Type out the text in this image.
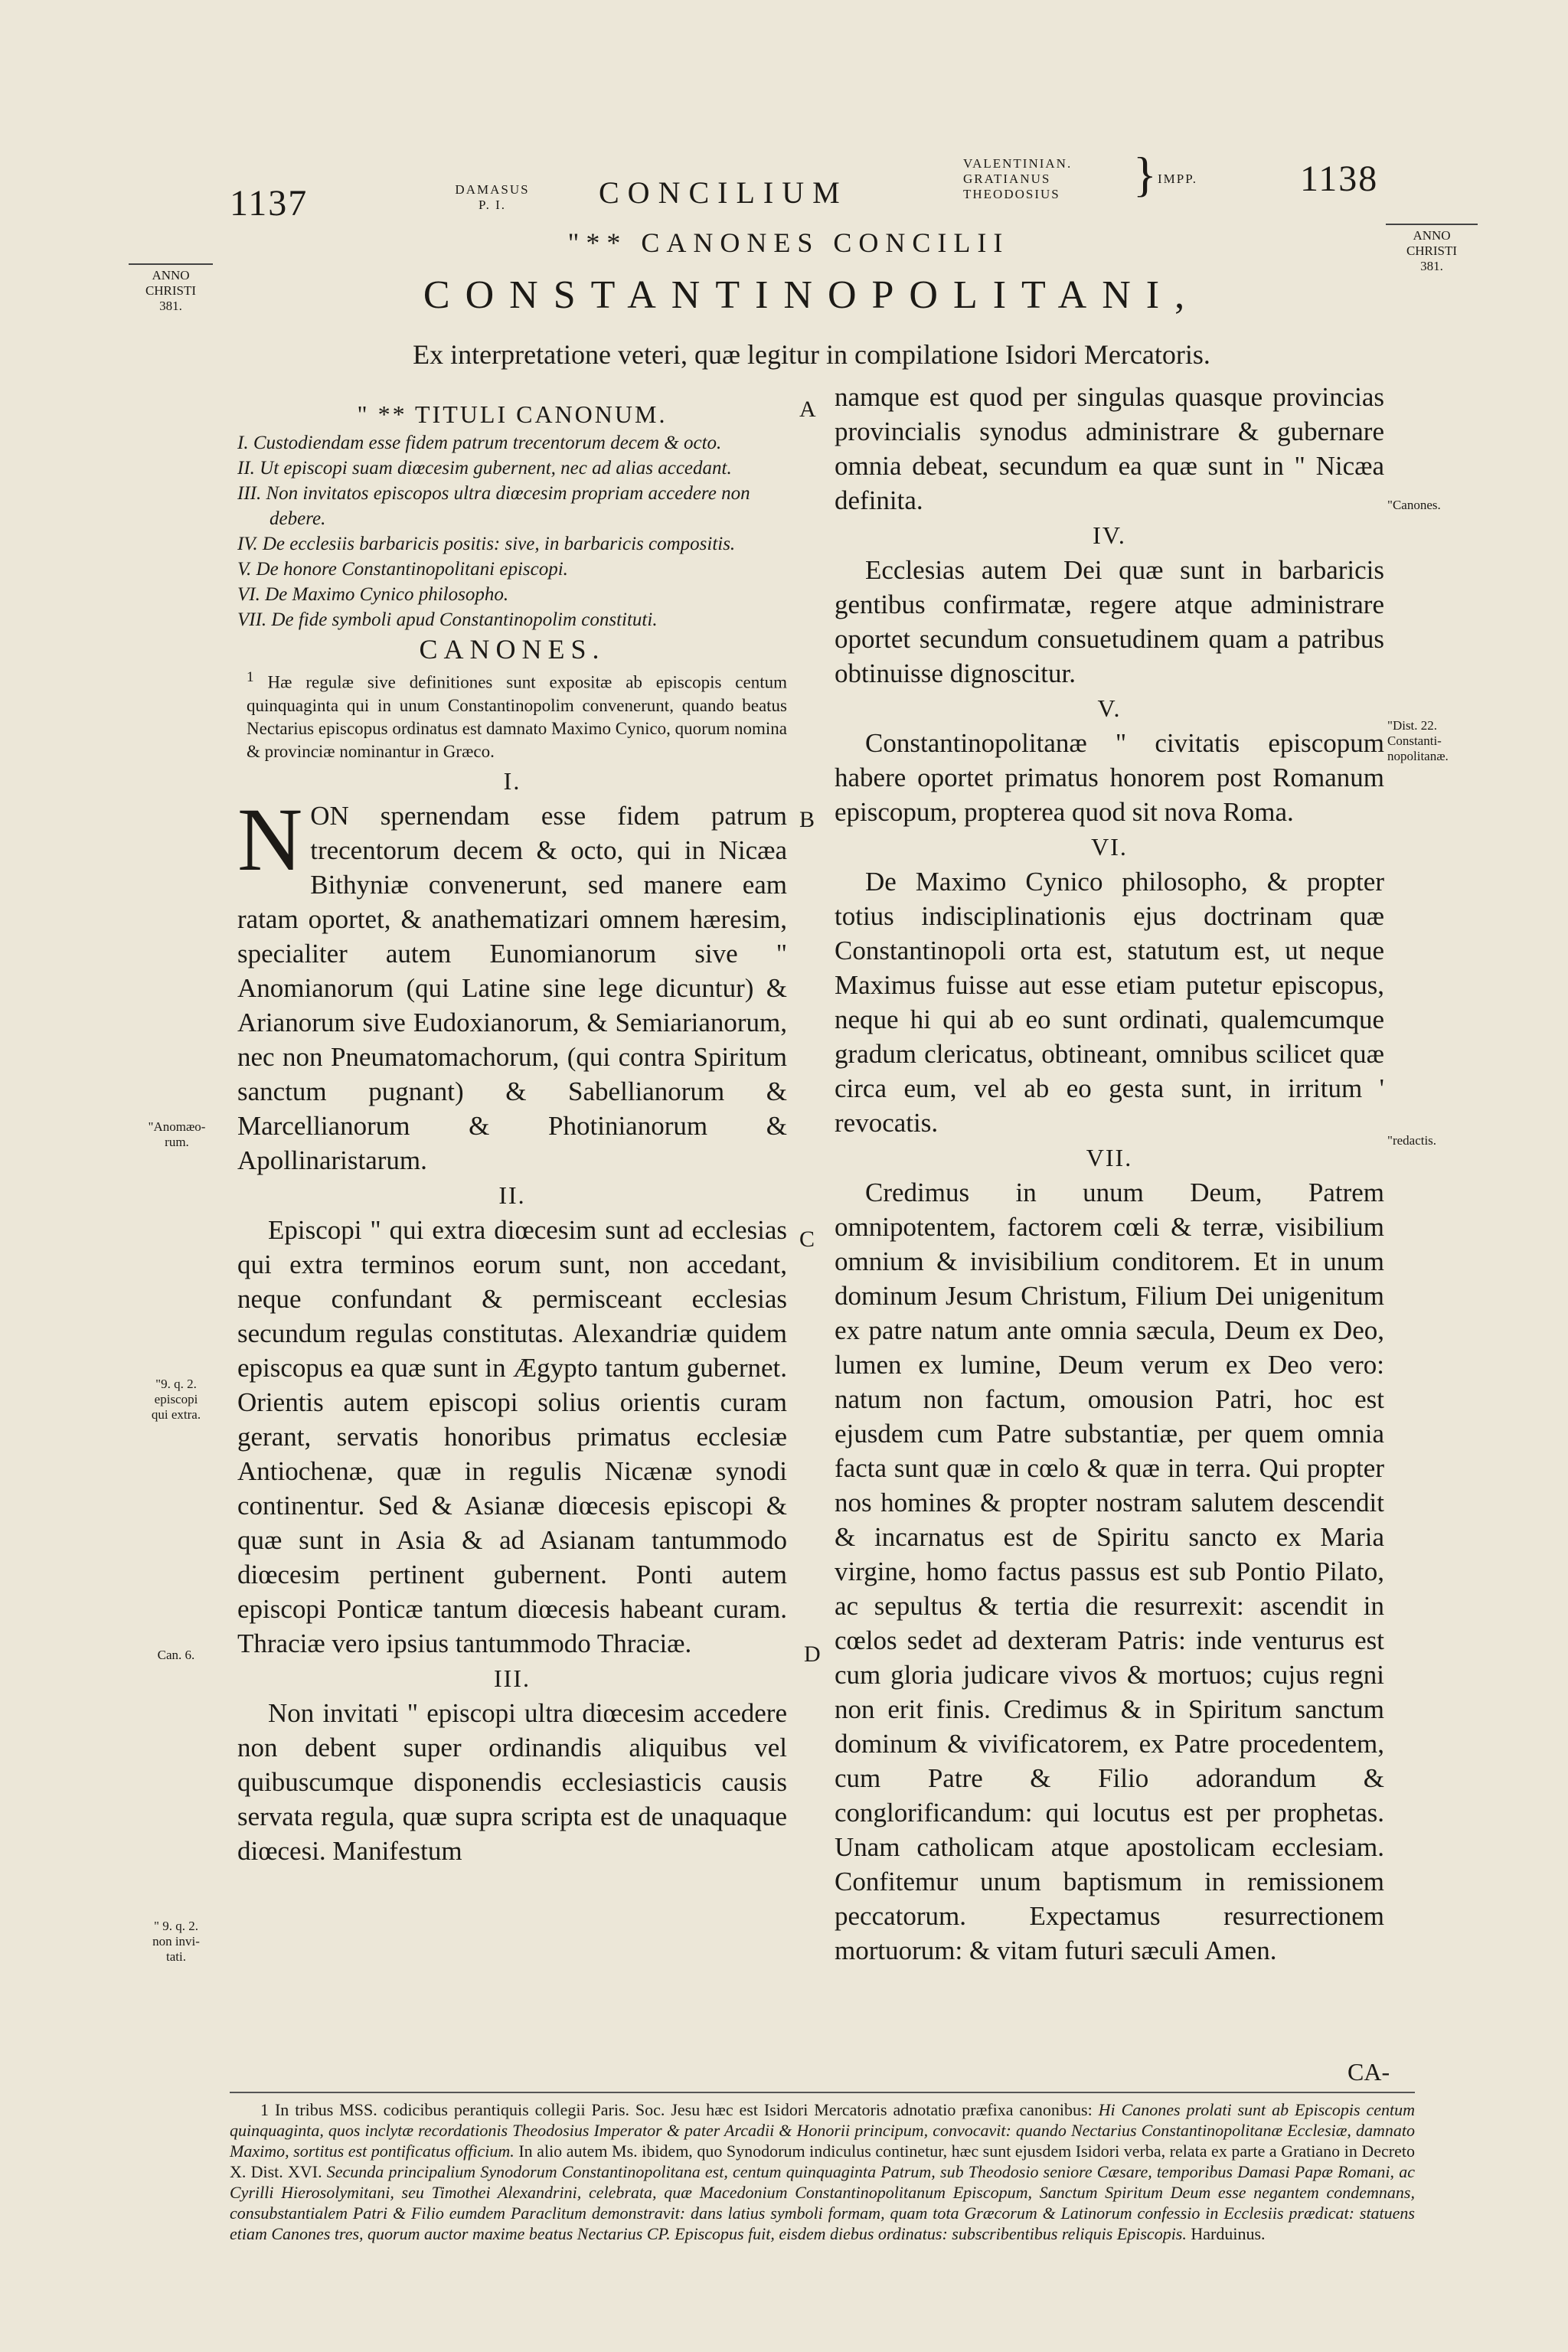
1137	DAMASUS
P. I.	CONCILIUM
VALENTINIAN.
GRATIANUS
THEODOSIUS } IMPP.	1138
ANNO
CHRISTI
381.
ANNO
CHRISTI
381.
"** CANONES CONCILII
CONSTANTINOPOLITANI,
Ex interpretatione veteri, quæ legitur in compilatione Isidori Mercatoris.
A
B
C
D
"Anomæo-
rum.
"9. q. 2.
episcopi
qui extra.
Can. 6.
" 9. q. 2.
non invi-
tati.
"Canones.
"Dist. 22.
Constanti-
nopolitanæ.
"redactis.

" ** TITULI CANONUM.

I. Custodiendam esse fidem patrum trecentorum decem & octo.

II. Ut episcopi suam diœcesim gubernent, nec ad alias accedant.

III. Non invitatos episcopos ultra diœcesim propriam accedere non debere.

IV. De ecclesiis barbaricis positis: sive, in barbaricis compositis.

V. De honore Constantinopolitani episcopi.

VI. De Maximo Cynico philosopho.

VII. De fide symboli apud Constantinopolim constituti.

CANONES.

$^1$ Hæ regulæ sive definitiones sunt expositæ ab episcopis centum quinquaginta qui in unum Constantinopolim convenerunt, quando beatus Nectarius episcopus ordinatus est damnato Maximo Cynico, quorum nomina & provinciæ nominantur in Græco.

I.

NON spernendam esse fidem patrum trecentorum decem & octo, qui in Nicæa Bithyniæ convenerunt, sed manere eam ratam oportet, & anathematizari omnem hæresim, specialiter autem Eunomianorum sive " Anomianorum (qui Latine sine lege dicuntur) & Arianorum sive Eudoxianorum, & Semiarianorum, nec non Pneumatomachorum, (qui contra Spiritum sanctum pugnant) & Sabellianorum & Marcellianorum & Photinianorum & Apollinaristarum.

II.

Episcopi " qui extra diœcesim sunt ad ecclesias qui extra terminos eorum sunt, non accedant, neque confundant & permisceant ecclesias secundum regulas constitutas. Alexandriæ quidem episcopus ea quæ sunt in Ægypto tantum gubernet. Orientis autem episcopi solius orientis curam gerant, servatis honoribus primatus ecclesiæ Antiochenæ, quæ in regulis Nicænæ synodi continentur. Sed & Asianæ diœcesis episcopi & quæ sunt in Asia & ad Asianam tantummodo diœcesim pertinent gubernent. Ponti autem episcopi Ponticæ tantum diœcesis habeant curam. Thraciæ vero ipsius tantummodo Thraciæ.

III.

Non invitati " episcopi ultra diœcesim accedere non debent super ordinandis aliquibus vel quibuscumque disponendis ecclesiasticis causis servata regula, quæ supra scripta est de unaquaque diœcesi. Manifestum

namque est quod per singulas quasque provincias provincialis synodus administrare & gubernare omnia debeat, secundum ea quæ sunt in " Nicæa definita.

IV.

Ecclesias autem Dei quæ sunt in barbaricis gentibus confirmatæ, regere atque administrare oportet secundum consuetudinem quam a patribus obtinuisse dignoscitur.

V.

Constantinopolitanæ " civitatis episcopum habere oportet primatus honorem post Romanum episcopum, propterea quod sit nova Roma.

VI.

De Maximo Cynico philosopho, & propter totius indisciplinationis ejus doctrinam quæ Constantinopoli orta est, statutum est, ut neque Maximus fuisse aut esse etiam putetur episcopus, neque hi qui ab eo sunt ordinati, qualemcumque gradum clericatus, obtineant, omnibus scilicet quæ circa eum, vel ab eo gesta sunt, in irritum ' revocatis.

VII.

Credimus in unum Deum, Patrem omnipotentem, factorem cœli & terræ, visibilium omnium & invisibilium conditorem. Et in unum dominum Jesum Christum, Filium Dei unigenitum ex patre natum ante omnia sæcula, Deum ex Deo, lumen ex lumine, Deum verum ex Deo vero: natum non factum, omousion Patri, hoc est ejusdem cum Patre substantiæ, per quem omnia facta sunt quæ in cœlo & quæ in terra. Qui propter nos homines & propter nostram salutem descendit & incarnatus est de Spiritu sancto ex Maria virgine, homo factus passus est sub Pontio Pilato, ac sepultus & tertia die resurrexit: ascendit in cœlos sedet ad dexteram Patris: inde venturus est cum gloria judicare vivos & mortuos; cujus regni non erit finis. Credimus & in Spiritum sanctum dominum & vivificatorem, ex Patre procedentem, cum Patre & Filio adorandum & conglorificandum: qui locutus est per prophetas. Unam catholicam atque apostolicam ecclesiam. Confitemur unum baptismum in remissionem peccatorum. Expectamus resurrectionem mortuorum: & vitam futuri sæculi Amen.

CA-
1 In tribus MSS. codicibus perantiquis collegii Paris. Soc. Jesu hæc est Isidori Mercatoris adnotatio præfixa canonibus: Hi Canones prolati sunt ab Episcopis centum quinquaginta, quos inclytæ recordationis Theodosius Imperator & pater Arcadii & Honorii principum, convocavit: quando Nectarius Constantinopolitanæ Ecclesiæ, damnato Maximo, sortitus est pontificatus officium. In alio autem Ms. ibidem, quo Synodorum indiculus continetur, hæc sunt ejusdem Isidori verba, relata ex parte a Gratiano in Decreto X. Dist. XVI. Secunda principalium Synodorum Constantinopolitana est, centum quinquaginta Patrum, sub Theodosio seniore Cæsare, temporibus Damasi Papæ Romani, ac Cyrilli Hierosolymitani, seu Timothei Alexandrini, celebrata, quæ Macedonium Constantinopolitanum Episcopum, Sanctum Spiritum Deum esse negantem condemnans, consubstantialem Patri & Filio eumdem Paraclitum demonstravit: dans latius symboli formam, quam tota Græcorum & Latinorum confessio in Ecclesiis prædicat: statuens etiam Canones tres, quorum auctor maxime beatus Nectarius CP. Episcopus fuit, eisdem diebus ordinatus: subscribentibus reliquis Episcopis. Harduinus.
